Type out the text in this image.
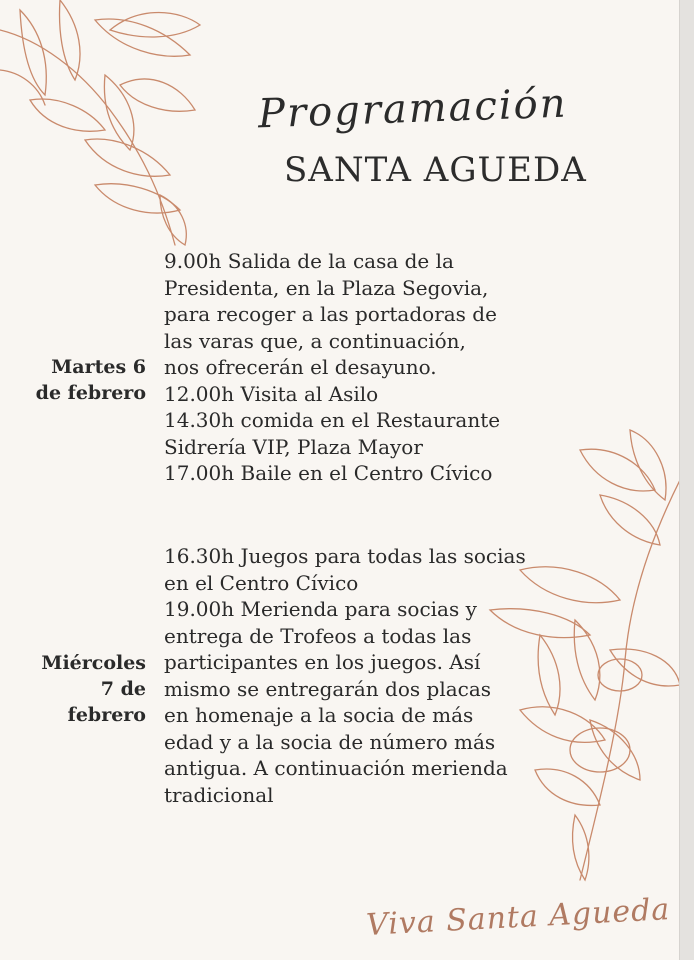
Programación
SANTA AGUEDA
Martes 6
de febrero
9.00h Salida de la casa de la
Presidenta, en la Plaza Segovia,
para recoger a las portadoras de
las varas que, a continuación,
nos ofrecerán el desayuno.
12.00h Visita al Asilo
14.30h comida en el Restaurante
Sidrería VIP, Plaza Mayor
17.00h Baile en el Centro Cívico
Miércoles
7 de
febrero
16.30h Juegos para todas las socias
en el Centro Cívico
19.00h Merienda para socias y
entrega de Trofeos a todas las
participantes en los juegos. Así
mismo se entregarán dos placas
en homenaje a la socia de más
edad y a la socia de número más
antigua. A continuación merienda
tradicional
Viva Santa Agueda
